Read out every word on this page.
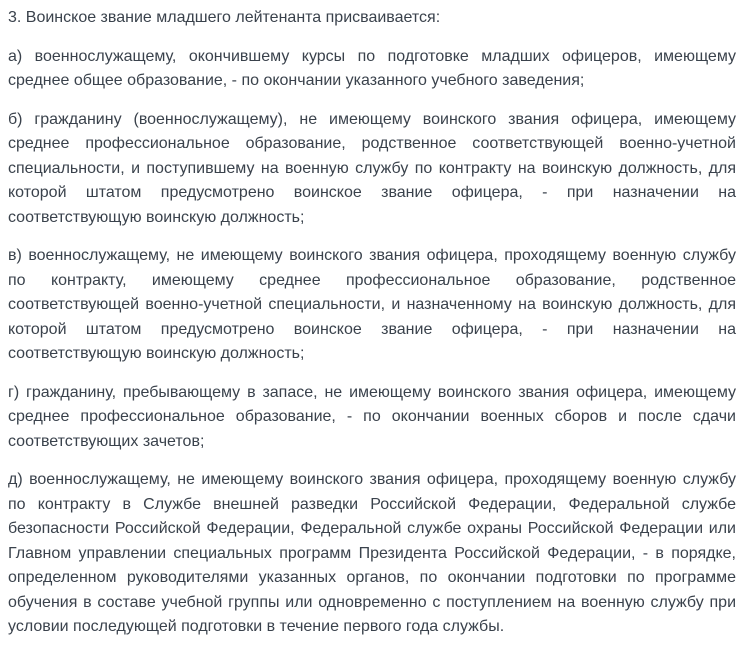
3. Воинское звание младшего лейтенанта присваивается:

а) военнослужащему, окончившему курсы по подготовке младших офицеров, имеющему среднее общее образование, - по окончании указанного учебного заведения;

б) гражданину (военнослужащему), не имеющему воинского звания офицера, имеющему среднее профессиональное образование, родственное соответствующей военно-учетной специальности, и поступившему на военную службу по контракту на воинскую должность, для которой штатом предусмотрено воинское звание офицера, - при назначении на соответствующую воинскую должность;

в) военнослужащему, не имеющему воинского звания офицера, проходящему военную службу по контракту, имеющему среднее профессиональное образование, родственное соответствующей военно-учетной специальности, и назначенному на воинскую должность, для которой штатом предусмотрено воинское звание офицера, - при назначении на соответствующую воинскую должность;

г) гражданину, пребывающему в запасе, не имеющему воинского звания офицера, имеющему среднее профессиональное образование, - по окончании военных сборов и после сдачи соответствующих зачетов;

д) военнослужащему, не имеющему воинского звания офицера, проходящему военную службу по контракту в Службе внешней разведки Российской Федерации, Федеральной службе безопасности Российской Федерации, Федеральной службе охраны Российской Федерации или Главном управлении специальных программ Президента Российской Федерации, - в порядке, определенном руководителями указанных органов, по окончании подготовки по программе обучения в составе учебной группы или одновременно с поступлением на военную службу при условии последующей подготовки в течение первого года службы.
